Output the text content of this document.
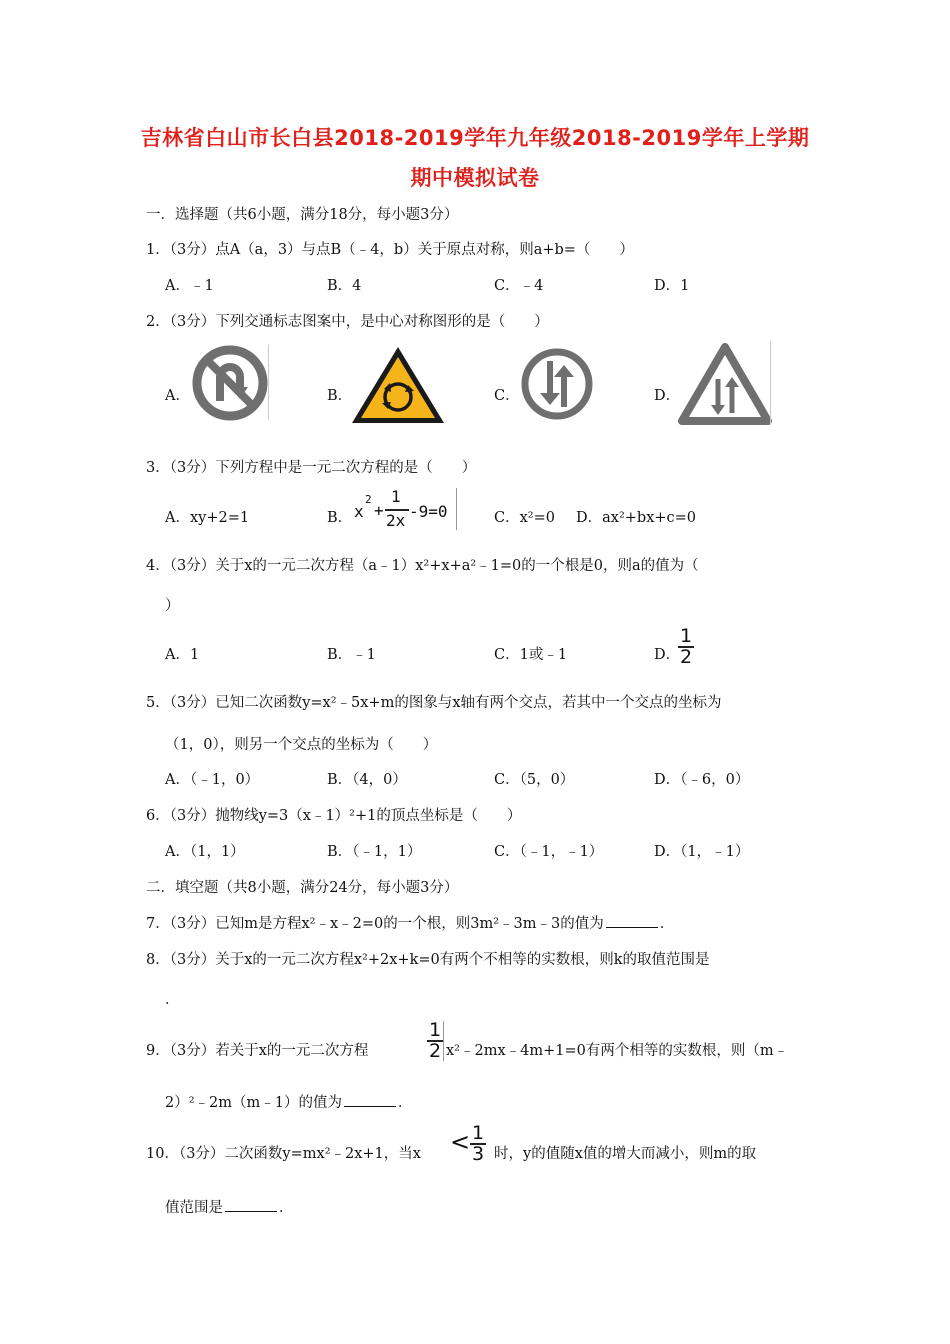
吉林省白山市长白县2018-2019学年九年级2018-2019学年上学期
期中模拟试卷
一．选择题（共6小题，满分18分，每小题3分）
1．（3分）点A（a，3）与点B（﹣4，b）关于原点对称，则a+b=（　　）
A．﹣1	B．4	C．﹣4	D．1
2．（3分）下列交通标志图案中，是中心对称图形的是（　　）
A．	B．	C．	D．
3．（3分）下列方程中是一元二次方程的是（　　）
A．xy+2=1	B． x
2
+
1
2x -9=0	C．x²=0 D．ax²+bx+c=0
4．（3分）关于x的一元二次方程（a﹣1）x²+x+a²﹣1=0的一个根是0，则a的值为（
）
A．1	B．﹣1	C．1或﹣1	D．
$\frac{1}{2}$
5．（3分）已知二次函数y=x²﹣5x+m的图象与x轴有两个交点，若其中一个交点的坐标为
（1，0），则另一个交点的坐标为（　　）
A．（﹣1，0）	B．（4，0）	C．（5，0）	D．（﹣6，0）
6．（3分）抛物线y=3（x﹣1）²+1的顶点坐标是（　　）
A．（1，1）	B．（﹣1，1）	C．（﹣1，﹣1）	D．（1，﹣1）
二．填空题（共8小题，满分24分，每小题3分）
7．（3分）已知m是方程x²﹣x﹣2=0的一个根，则3m²﹣3m﹣3的值为	．
8．（3分）关于x的一元二次方程x²+2x+k=0有两个不相等的实数根，则k的取值范围是
．
9．（3分）若关于x的一元二次方程	$\frac{1}{2}$ x²﹣2mx﹣4m+1=0有两个相等的实数根，则（m﹣
2）²﹣2m（m﹣1）的值为	．
10．（3分）二次函数y=mx²﹣2x+1，当$x < \frac{1}{3}$ 时，y的值随x值的增大而减小，则m的取
值范围是	．
